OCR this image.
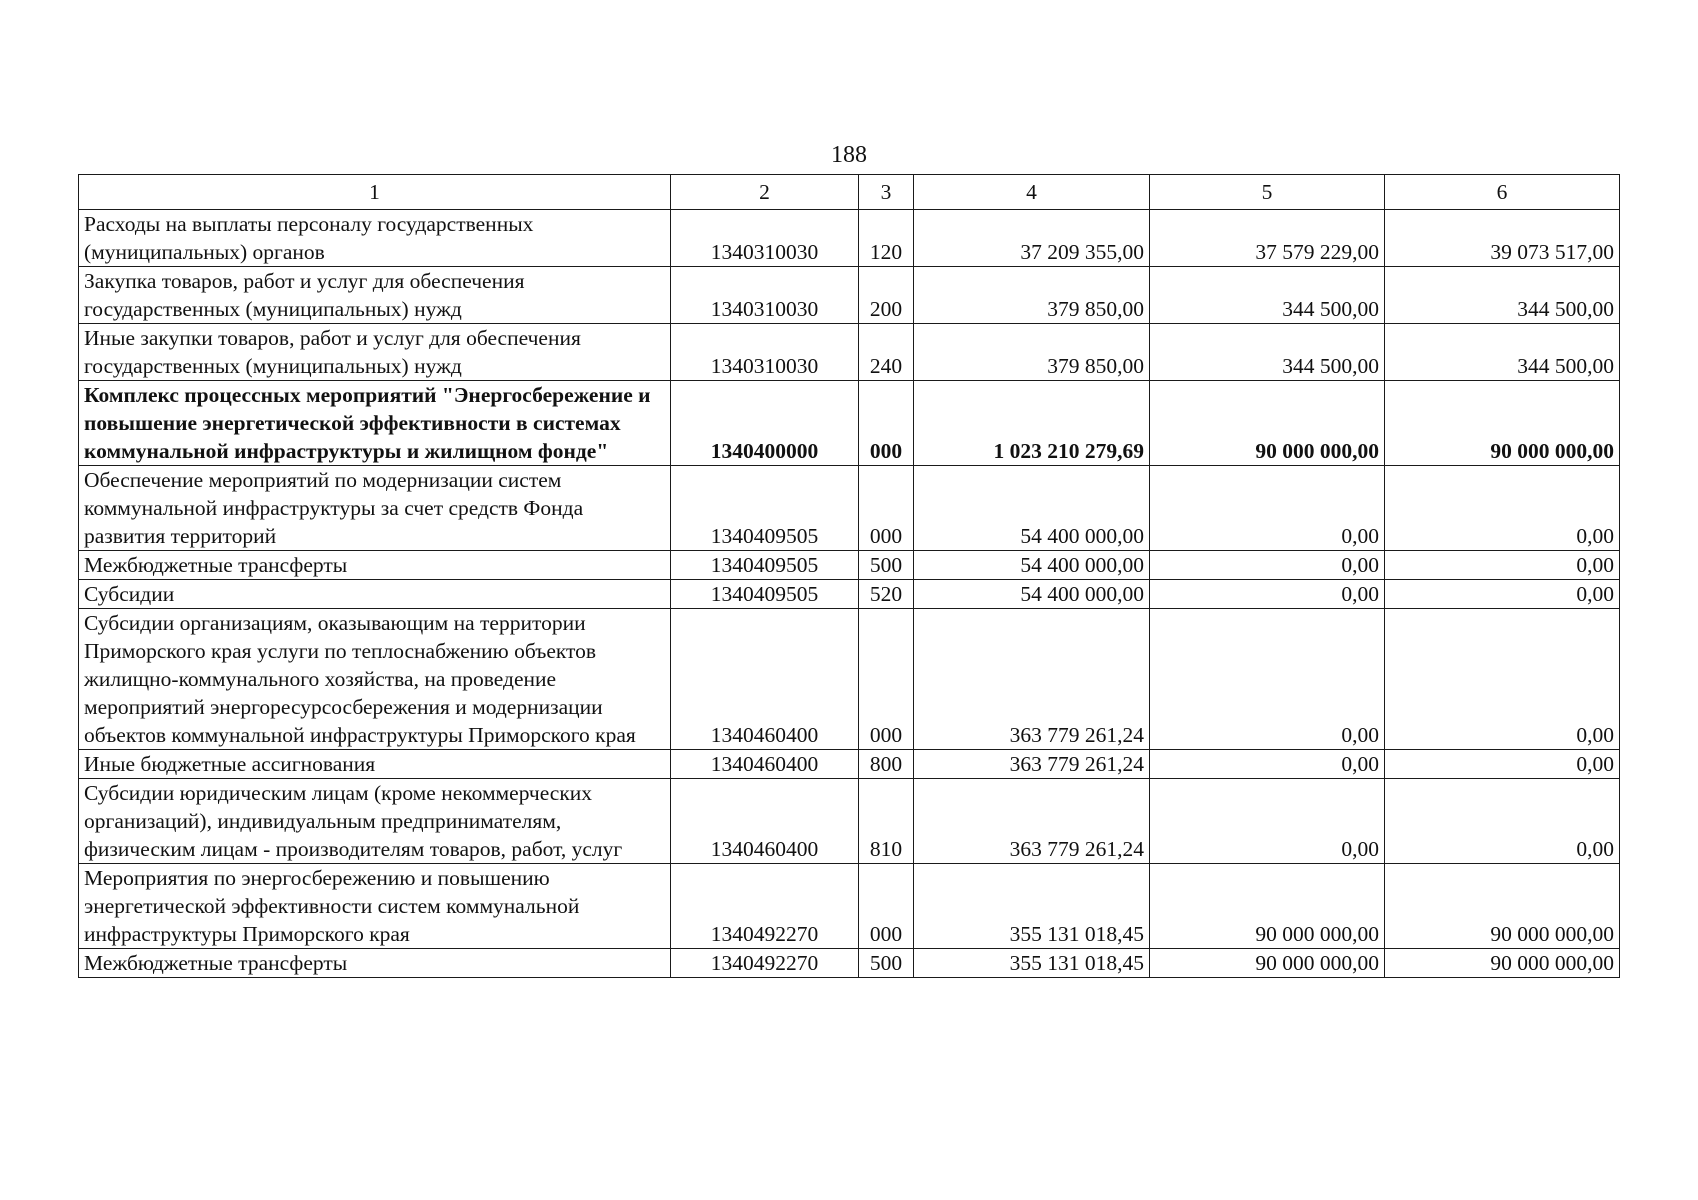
188
1	2	3	4	5	6
Расходы на выплаты персоналу государственных (муниципальных) органов	1340310030	120	37 209 355,00	37 579 229,00	39 073 517,00
Закупка товаров, работ и услуг для обеспечения государственных (муниципальных) нужд	1340310030	200	379 850,00	344 500,00	344 500,00
Иные закупки товаров, работ и услуг для обеспечения государственных (муниципальных) нужд	1340310030	240	379 850,00	344 500,00	344 500,00
Комплекс процессных мероприятий "Энергосбережение и повышение энергетической эффективности в системах коммунальной инфраструктуры и жилищном фонде"	1340400000	000	1 023 210 279,69	90 000 000,00	90 000 000,00
Обеспечение мероприятий по модернизации систем коммунальной инфраструктуры за счет средств Фонда развития территорий	1340409505	000	54 400 000,00	0,00	0,00
Межбюджетные трансферты	1340409505	500	54 400 000,00	0,00	0,00
Субсидии	1340409505	520	54 400 000,00	0,00	0,00
Субсидии организациям, оказывающим на территории Приморского края услуги по теплоснабжению объектов жилищно-коммунального хозяйства, на проведение мероприятий энергоресурсосбережения и модернизации объектов коммунальной инфраструктуры Приморского края	1340460400	000	363 779 261,24	0,00	0,00
Иные бюджетные ассигнования	1340460400	800	363 779 261,24	0,00	0,00
Субсидии юридическим лицам (кроме некоммерческих организаций), индивидуальным предпринимателям, физическим лицам - производителям товаров, работ, услуг	1340460400	810	363 779 261,24	0,00	0,00
Мероприятия по энергосбережению и повышению энергетической эффективности систем коммунальной инфраструктуры Приморского края	1340492270	000	355 131 018,45	90 000 000,00	90 000 000,00
Межбюджетные трансферты	1340492270	500	355 131 018,45	90 000 000,00	90 000 000,00
